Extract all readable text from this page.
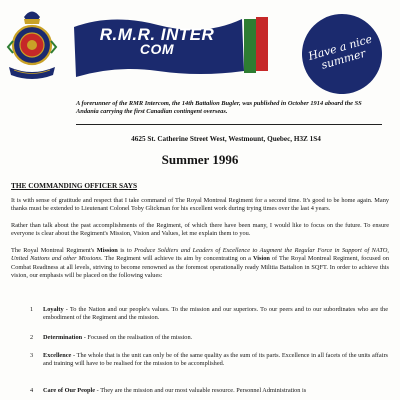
R.M.R. INTER
COM	Have a nice summer
A forerunner of the RMR Intercom, the 14th Battalion Bugler, was published in October 1914 aboard the SS Andania carrying the first Canadian contingent overseas.
4625 St. Catherine Street West, Westmount, Quebec, H3Z 1S4
Summer 1996

THE COMMANDING OFFICER SAYS

It is with sense of gratitude and respect that I take command of The Royal Montreal Regiment for a second time. It's good to be home again. Many thanks must be extended to Lieutenant Colonel Toby Glickman for his excellent work during trying times over the last 4 years.

Rather than talk about the past accomplishments of the Regiment, of which there have been many, I would like to focus on the future. To ensure everyone is clear about the Regiment's Mission, Vision and Values, let me explain them to you.

The Royal Montreal Regiment's Mission is to Produce Soldiers and Leaders of Excellence to Augment the Regular Force in Support of NATO, United Nations and other Missions. The Regiment will achieve its aim by concentrating on a Vision of The Royal Montreal Regiment, focused on Combat Readiness at all levels, striving to become renowned as the foremost operationally ready Militia Battalion in SQFT. In order to achieve this vision, our emphasis will be placed on the following values:

1 Loyalty - To the Nation and our people's values. To the mission and our superiors. To our peers and to our subordinates who are the embodiment of the Regiment and the mission.
2 Determination - Focused on the realisation of the mission.
3 Excellence - The whole that is the unit can only be of the same quality as the sum of its parts. Excellence in all facets of the units affairs and training will have to be realised for the mission to be accomplished.
4 Care of Our People - They are the mission and our most valuable resource. Personnel Administration is
